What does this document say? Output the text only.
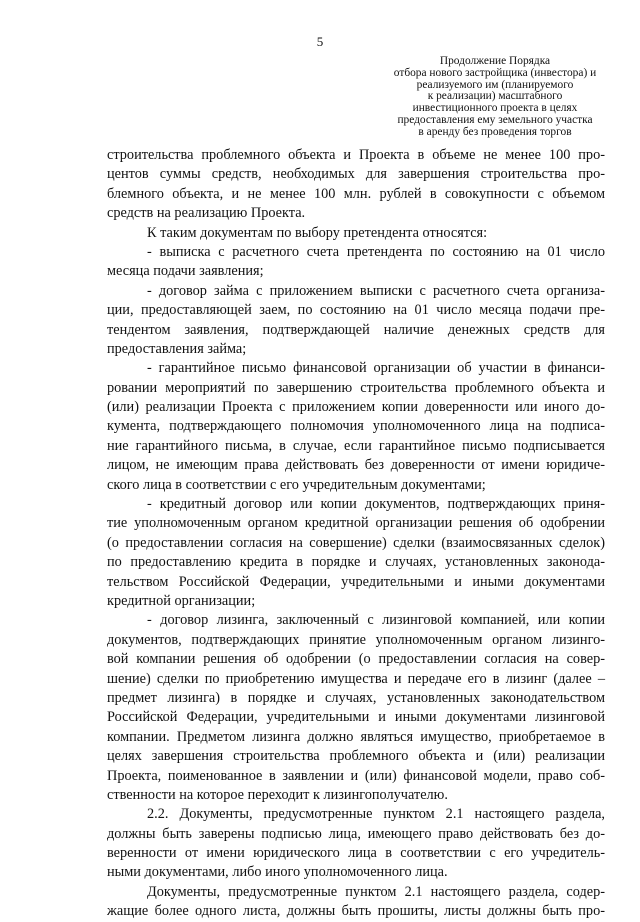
5
Продолжение Порядка
отбора нового застройщика (инвестора) и
реализуемого им (планируемого
к реализации) масштабного
инвестиционного проекта в целях
предоставления ему земельного участка
в аренду без проведения торгов
строительства проблемного объекта и Проекта в объеме не менее 100 про-
центов суммы средств, необходимых для завершения строительства про-
блемного объекта, и не менее 100 млн. рублей в совокупности с объемом
средств на реализацию Проекта.
К таким документам по выбору претендента относятся:
- выписка с расчетного счета претендента по состоянию на 01 число
месяца подачи заявления;
- договор займа с приложением выписки с расчетного счета организа-
ции, предоставляющей заем, по состоянию на 01 число месяца подачи пре-
тендентом заявления, подтверждающей наличие денежных средств для
предоставления займа;
- гарантийное письмо финансовой организации об участии в финанси-
ровании мероприятий по завершению строительства проблемного объекта и
(или) реализации Проекта с приложением копии доверенности или иного до-
кумента, подтверждающего полномочия уполномоченного лица на подписа-
ние гарантийного письма, в случае, если гарантийное письмо подписывается
лицом, не имеющим права действовать без доверенности от имени юридиче-
ского лица в соответствии с его учредительным документами;
- кредитный договор или копии документов, подтверждающих приня-
тие уполномоченным органом кредитной организации решения об одобрении
(о предоставлении согласия на совершение) сделки (взаимосвязанных сделок)
по предоставлению кредита в порядке и случаях, установленных законода-
тельством Российской Федерации, учредительными и иными документами
кредитной организации;
- договор лизинга, заключенный с лизинговой компанией, или копии
документов, подтверждающих принятие уполномоченным органом лизинго-
вой компании решения об одобрении (о предоставлении согласия на совер-
шение) сделки по приобретению имущества и передаче его в лизинг (далее –
предмет лизинга) в порядке и случаях, установленных законодательством
Российской Федерации, учредительными и иными документами лизинговой
компании. Предметом лизинга должно являться имущество, приобретаемое в
целях завершения строительства проблемного объекта и (или) реализации
Проекта, поименованное в заявлении и (или) финансовой модели, право соб-
ственности на которое переходит к лизингополучателю.
2.2. Документы, предусмотренные пунктом 2.1 настоящего раздела,
должны быть заверены подписью лица, имеющего право действовать без до-
веренности от имени юридического лица в соответствии с его учредитель-
ными документами, либо иного уполномоченного лица.
Документы, предусмотренные пунктом 2.1 настоящего раздела, содер-
жащие более одного листа, должны быть прошиты, листы должны быть про-
